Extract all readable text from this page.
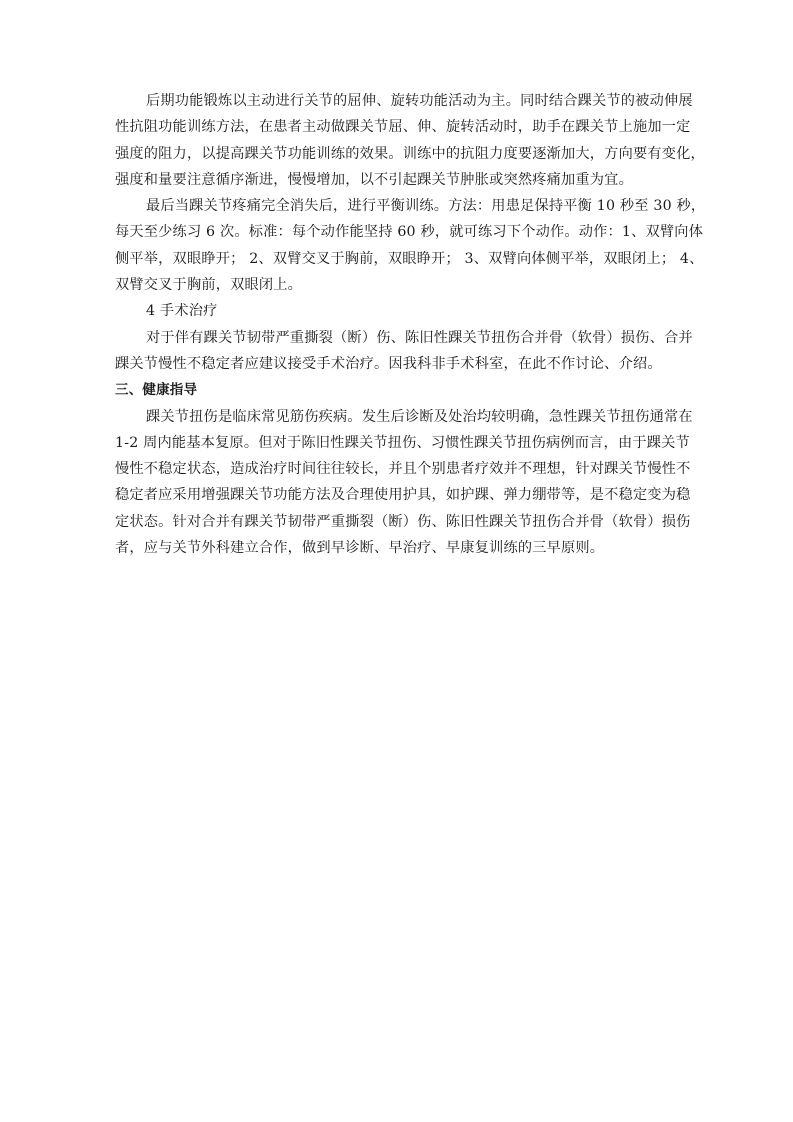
后期功能锻炼以主动进行关节的屈伸、旋转功能活动为主。同时结合踝关节的被动伸展
性抗阻功能训练方法，在患者主动做踝关节屈、伸、旋转活动时，助手在踝关节上施加一定
强度的阻力，以提高踝关节功能训练的效果。训练中的抗阻力度要逐渐加大，方向要有变化，
强度和量要注意循序渐进，慢慢增加，以不引起踝关节肿胀或突然疼痛加重为宜。
最后当踝关节疼痛完全消失后，进行平衡训练。方法：用患足保持平衡 10 秒至 30 秒，
每天至少练习 6 次。标准：每个动作能坚持 60 秒，就可练习下个动作。动作：1、双臂向体
侧平举，双眼睁开； 2、双臂交叉于胸前，双眼睁开； 3、双臂向体侧平举，双眼闭上； 4、
双臂交叉于胸前，双眼闭上。
4 手术治疗
对于伴有踝关节韧带严重撕裂（断）伤、陈旧性踝关节扭伤合并骨（软骨）损伤、合并
踝关节慢性不稳定者应建议接受手术治疗。因我科非手术科室，在此不作讨论、介绍。
三、健康指导
踝关节扭伤是临床常见筋伤疾病。发生后诊断及处治均较明确，急性踝关节扭伤通常在
1-2 周内能基本复原。但对于陈旧性踝关节扭伤、习惯性踝关节扭伤病例而言，由于踝关节
慢性不稳定状态，造成治疗时间往往较长，并且个别患者疗效并不理想，针对踝关节慢性不
稳定者应采用增强踝关节功能方法及合理使用护具，如护踝、弹力绷带等，是不稳定变为稳
定状态。针对合并有踝关节韧带严重撕裂（断）伤、陈旧性踝关节扭伤合并骨（软骨）损伤
者，应与关节外科建立合作，做到早诊断、早治疗、早康复训练的三早原则。
